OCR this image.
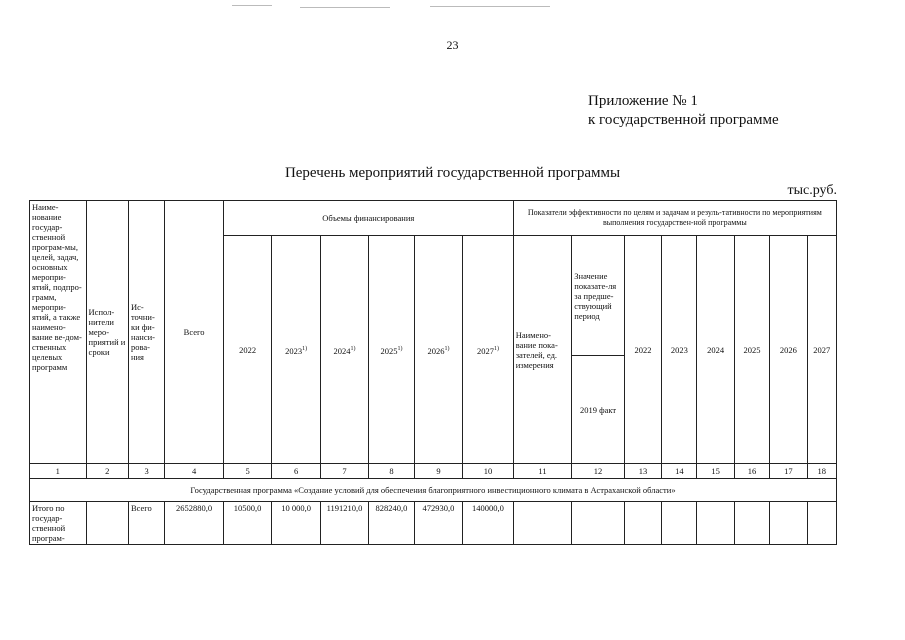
23
Приложение № 1
к государственной программе
Перечень мероприятий государственной программы
тыс.руб.
Наиме-нование государ-ственной програм-мы, целей, задач, основных меропри-ятий, подпро-грамм, меропри-ятий, а также наимено-вание ве-дом-ственных целевых программ	Испол-нители меро-приятий и сроки	Ис-точни-ки фи-нанси-рова-ния	Всего	Объемы финансирования						Показатели эффективности по целям и задачам и резуль-тативности по мероприятиям выполнения государствен-ной программы							
				2022	2023$^{1)}$	2024$^{1)}$	2025$^{1)}$	2026$^{1)}$	2027$^{1)}$	Наимено-вание пока-зателей, ед. измерения	Значение показате-ля за предше-ствующий период	2022	2023	2024	2025	2026	2027
											2019 факт						
1	2	3	4	5	6	7	8	9	10	11	12	13	14	15	16	17	18
Государственная программа «Создание условий для обеспечения благоприятного инвестиционного климата в Астраханской области»																	
Итого по государ-ственной програм-		Всего	2652880,0	10500,0	10 000,0	1191210,0	828240,0	472930,0	140000,0								
